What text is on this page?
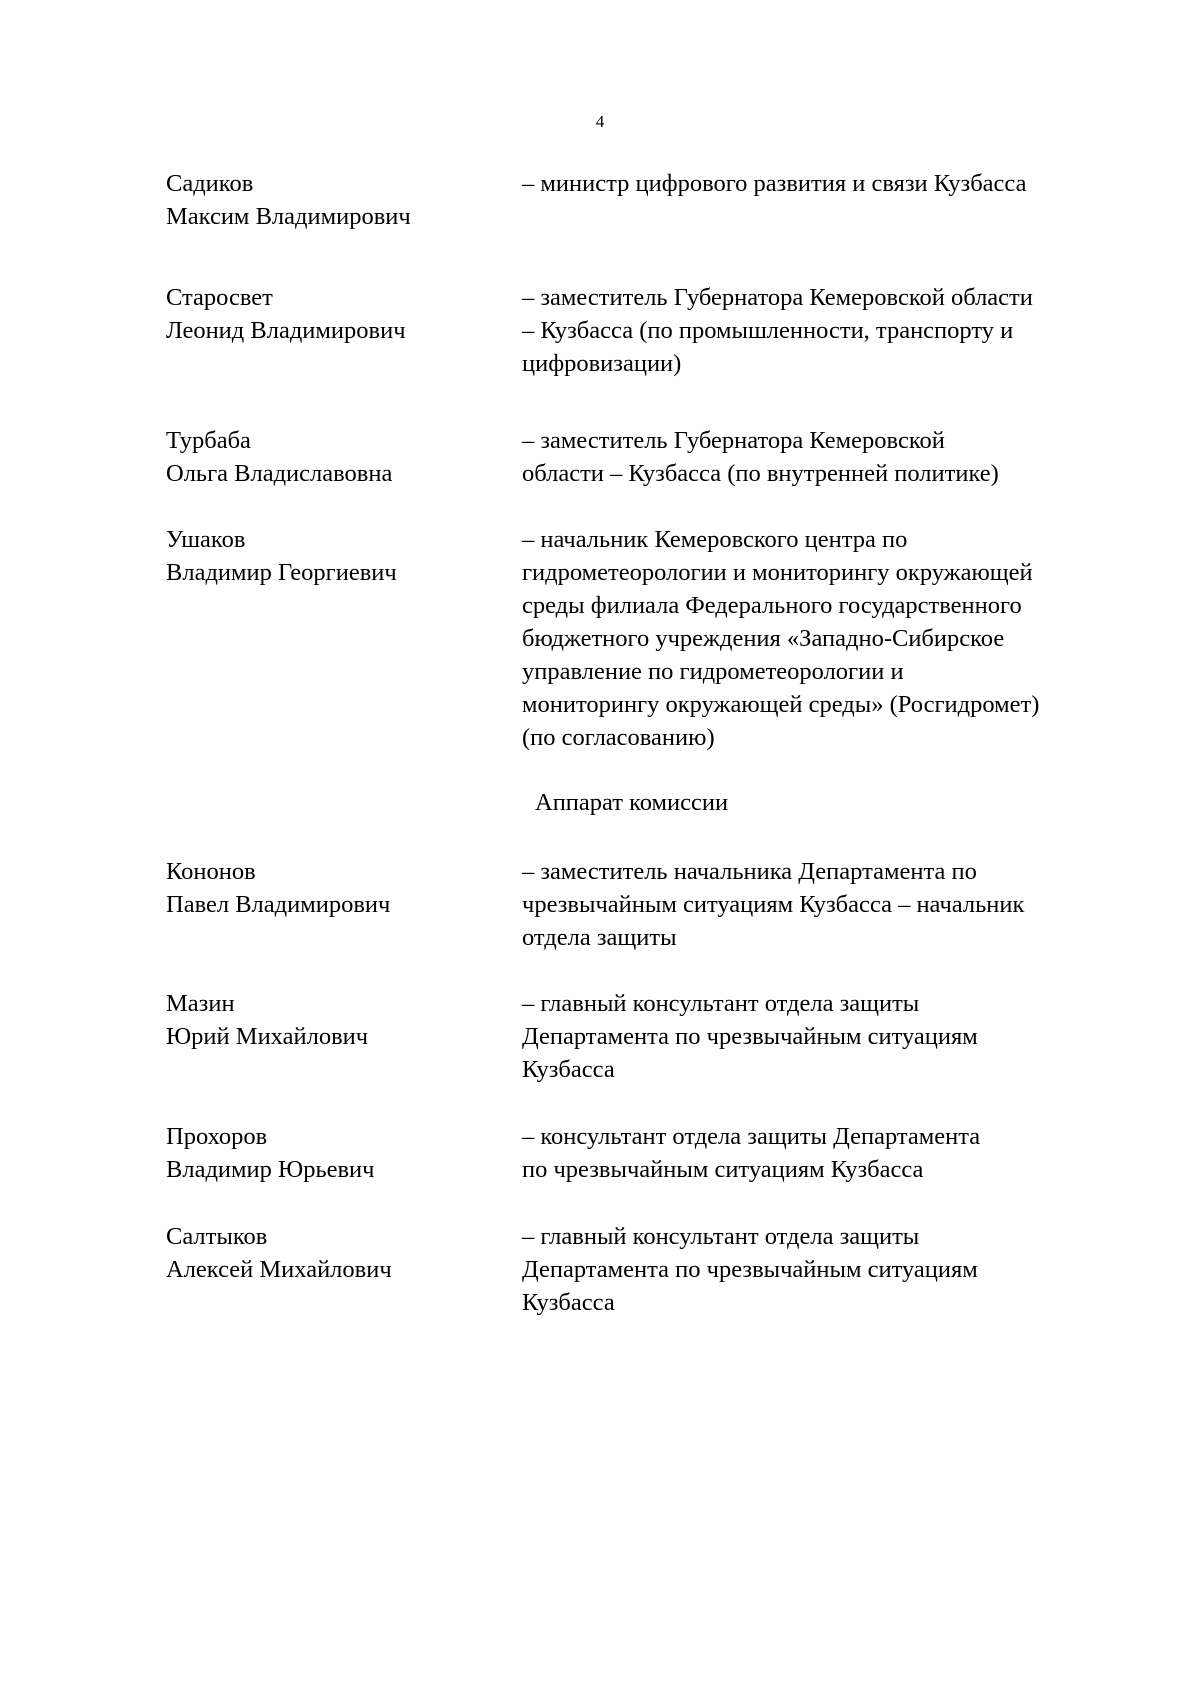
4
Садиков
Максим Владимирович
– министр цифрового развития и связи Кузбасса
Старосвет
Леонид Владимирович
– заместитель Губернатора Кемеровской области
– Кузбасса (по промышленности, транспорту и
цифровизации)
Турбаба
Ольга Владиславовна
– заместитель Губернатора Кемеровской
области – Кузбасса (по внутренней политике)
Ушаков
Владимир Георгиевич
– начальник Кемеровского центра по
гидрометеорологии и мониторингу окружающей
среды филиала Федерального государственного
бюджетного учреждения «Западно-Сибирское
управление по гидрометеорологии и
мониторингу окружающей среды» (Росгидромет)
(по согласованию)
Аппарат комиссии
Кононов
Павел Владимирович
– заместитель начальника Департамента по
чрезвычайным ситуациям Кузбасса – начальник
отдела защиты
Мазин
Юрий Михайлович
– главный консультант отдела защиты
Департамента по чрезвычайным ситуациям
Кузбасса
Прохоров
Владимир Юрьевич
– консультант отдела защиты Департамента
по чрезвычайным ситуациям Кузбасса
Салтыков
Алексей Михайлович
– главный консультант отдела защиты
Департамента по чрезвычайным ситуациям
Кузбасса
